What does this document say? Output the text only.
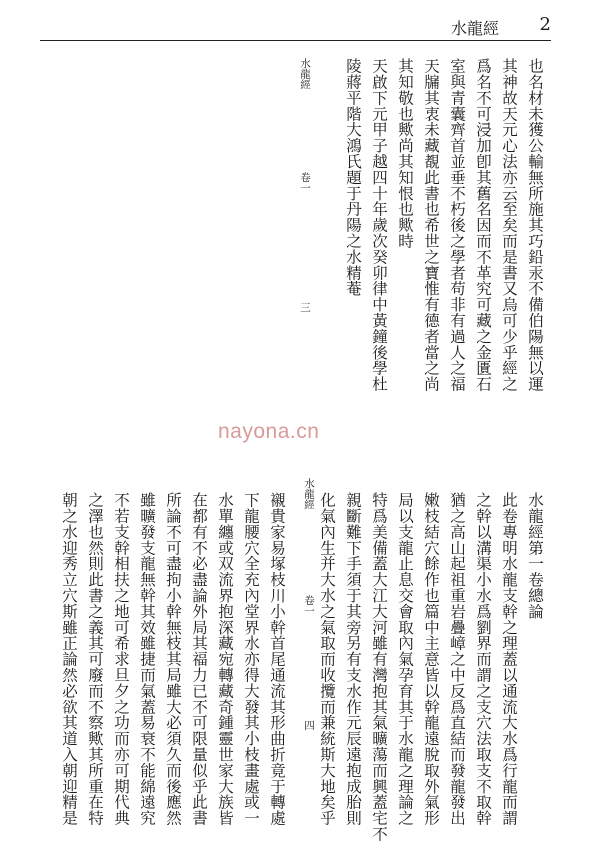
水龍經 2
也名材未獲公輸無所施其巧鉛汞不備伯陽無以運
其神故天元心法亦云至矣而是書又烏可少乎經之
爲名不可浸加卽其舊名因而不革究可藏之金匱石
室與青囊齊首並垂不朽後之學者苟非有過人之福
天牖其衷未藏覩此書也希世之寶惟有德者當之尚
其知敬也歟尚其知恨也歟時
天啟下元甲子越四十年歲次癸卯律中黃鐘後學杜
陵蔣平階大鴻氏題于丹陽之水精菴
水龍經
卷一
三
nayona.cn
水龍經第一卷總論
此卷專明水龍支幹之理蓋以通流大水爲行龍而謂
之幹以溝渠小水爲劉界而謂之支穴法取支不取幹
猶之高山起祖重岩疊嶂之中反爲直結而發龍發出
嫩枝結穴餘作也篇中主意皆以幹龍遠脫取外氣形
局以支龍止息交會取內氣孕育其于水龍之理論之
特爲美備蓋大江大河雖有灣抱其氣曠蕩而興蓋宅不
親斷難下手須于其旁另有支水作元辰遠抱成胎則
化氣內生并大水之氣取而收攬而兼統斯大地矣乎
水龍經
卷一
四
襯貴家易塚枝川小幹首尾通流其形曲折竟于轉處
下龍腰穴全充內堂界水亦得大發其小枝畫處或一
水單纏或双流界抱深藏宛轉藏奇鍾靈世家大族皆
在都有不必盡論外局其福力已不可限量似乎此書
所論不可盡拘小幹無枝其局雖大必須久而後應然
雖曠發支龍無幹其效雖捷而氣蓋易衰不能綿遠究
不若支幹相扶之地可希求旦夕之功而亦可期代典
之澤也然則此書之義其可廢而不察歟其所重在特
朝之水迎秀立穴斯雖正論然必欲其道入朝迎精是
